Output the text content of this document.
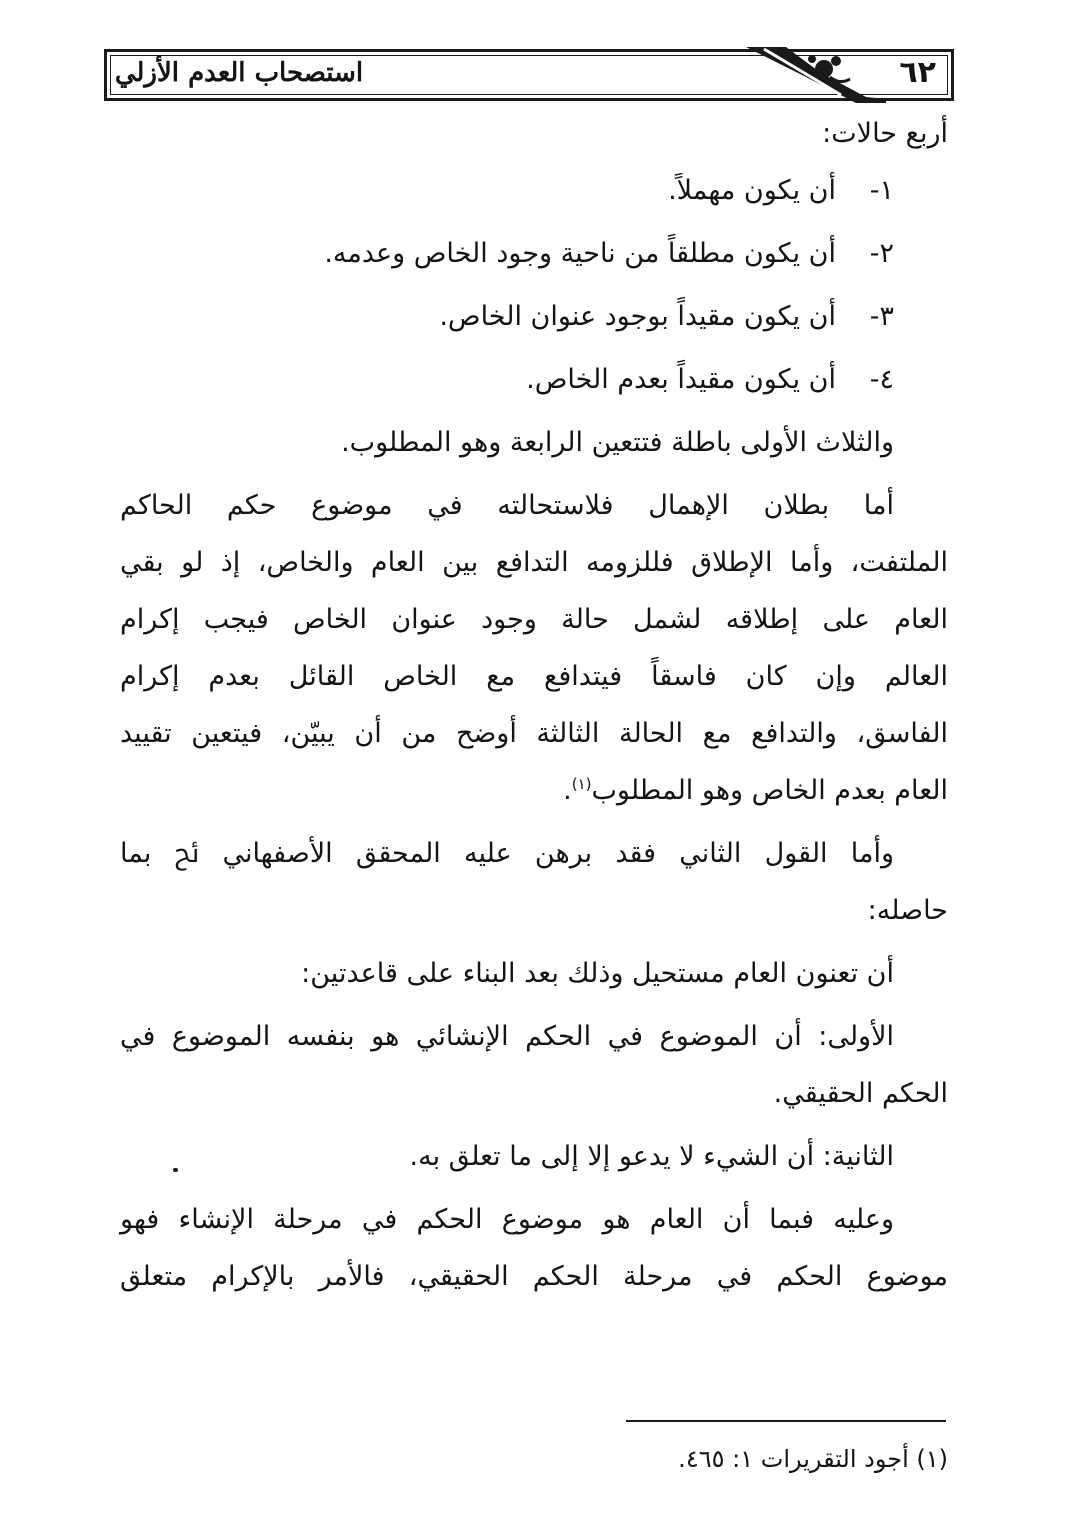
٦٢
استصحاب العدم الأزلي
أربع حالات:
١-أن يكون مهملاً.
٢-أن يكون مطلقاً من ناحية وجود الخاص وعدمه.
٣-أن يكون مقيداً بوجود عنوان الخاص.
٤-أن يكون مقيداً بعدم الخاص.
والثلاث الأولى باطلة فتتعين الرابعة وهو المطلوب.
أما بطلان الإهمال فلاستحالته في موضوع حكم الحاكم
الملتفت، وأما الإطلاق فللزومه التدافع بين العام والخاص، إذ لو بقي
العام على إطلاقه لشمل حالة وجود عنوان الخاص فيجب إكرام
العالم وإن كان فاسقاً فيتدافع مع الخاص القائل بعدم إكرام
الفاسق، والتدافع مع الحالة الثالثة أوضح من أن يبيّن، فيتعين تقييد
العام بعدم الخاص وهو المطلوب$^{(١)}$.
وأما القول الثاني فقد برهن عليه المحقق الأصفهاني ﰁ بما
حاصله:
أن تعنون العام مستحيل وذلك بعد البناء على قاعدتين:
الأولى: أن الموضوع في الحكم الإنشائي هو بنفسه الموضوع في
الحكم الحقيقي.
الثانية: أن الشيء لا يدعو إلا إلى ما تعلق به.
وعليه فبما أن العام هو موضوع الحكم في مرحلة الإنشاء فهو
موضوع الحكم في مرحلة الحكم الحقيقي، فالأمر بالإكرام متعلق
(١) أجود التقريرات ١: ٤٦٥.
